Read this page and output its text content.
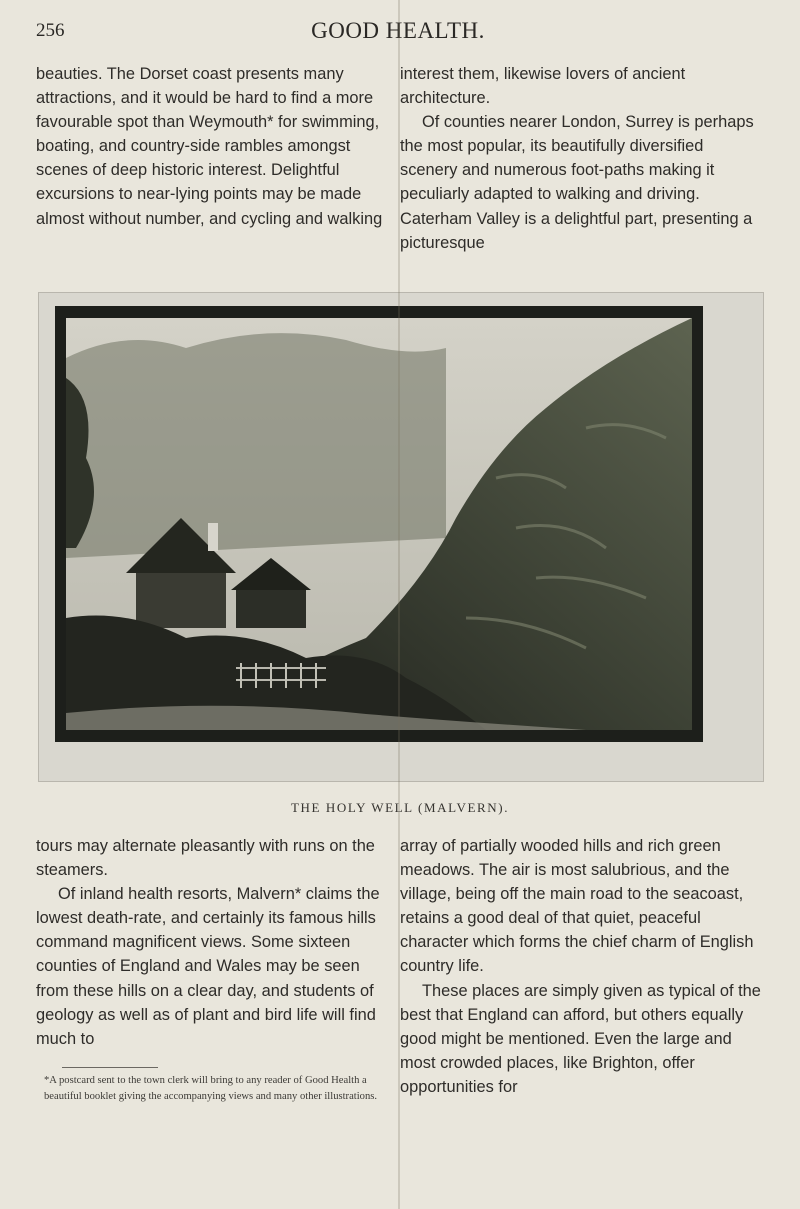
256	GOOD HEALTH.

beauties. The Dorset coast presents many attractions, and it would be hard to find a more favourable spot than Weymouth* for swimming, boating, and country-side rambles amongst scenes of deep historic interest. Delightful excursions to near-lying points may be made almost without number, and cycling and walking

interest them, likewise lovers of ancient architecture.

Of counties nearer London, Surrey is perhaps the most popular, its beautifully diversified scenery and numerous foot-paths making it peculiarly adapted to walking and driving. Caterham Valley is a delightful part, presenting a picturesque

THE HOLY WELL (MALVERN).

tours may alternate pleasantly with runs on the steamers.

Of inland health resorts, Malvern* claims the lowest death-rate, and certainly its famous hills command magnificent views. Some sixteen counties of England and Wales may be seen from these hills on a clear day, and students of geology as well as of plant and bird life will find much to

*A postcard sent to the town clerk will bring to any reader of Good Health a beautiful booklet giving the accompanying views and many other illustrations.

array of partially wooded hills and rich green meadows. The air is most salubrious, and the village, being off the main road to the seacoast, retains a good deal of that quiet, peaceful character which forms the chief charm of English country life.

These places are simply given as typical of the best that England can afford, but others equally good might be mentioned. Even the large and most crowded places, like Brighton, offer opportunities for
